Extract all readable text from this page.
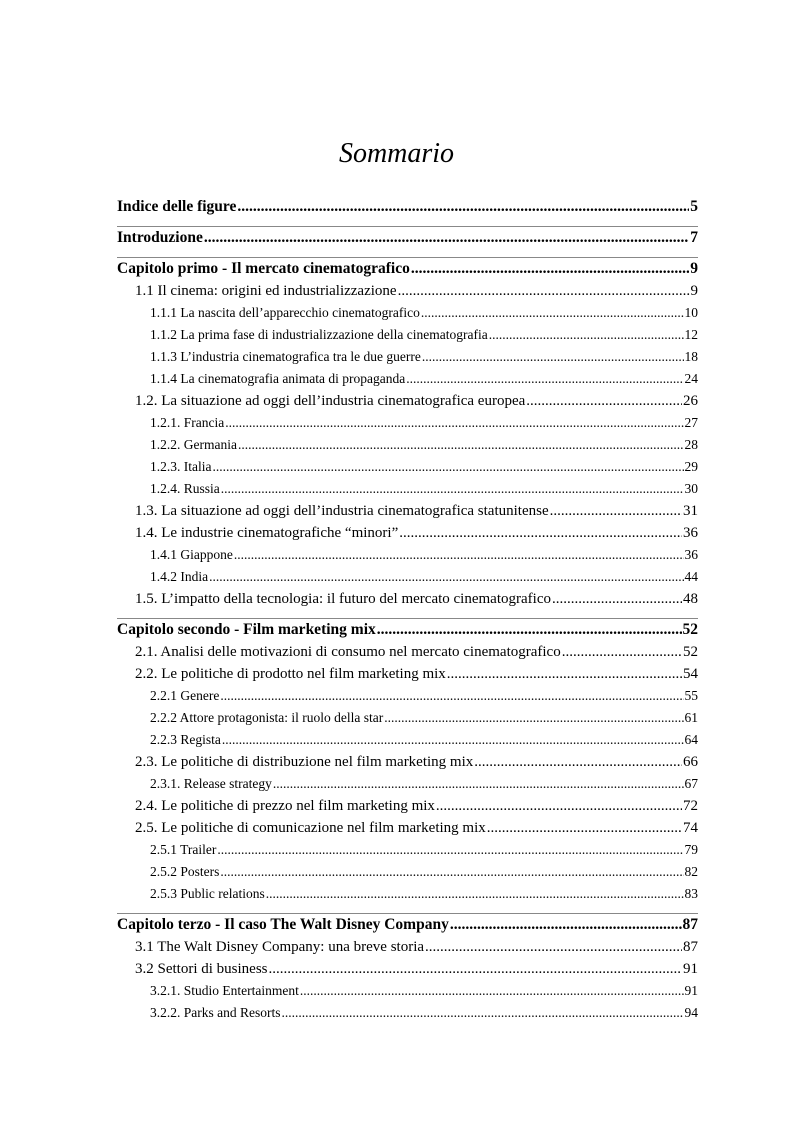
Sommario
Indice delle figure .....	5
Introduzione .....	7
Capitolo primo - Il mercato cinematografico .....	9
1.1 Il cinema: origini ed industrializzazione .....	9
1.1.1 La nascita dell’apparecchio cinematografico .....	10
1.1.2 La prima fase di industrializzazione della cinematografia .....	12
1.1.3 L’industria cinematografica tra le due guerre .....	18
1.1.4 La cinematografia animata di propaganda .....	24
1.2. La situazione ad oggi dell’industria cinematografica europea .....	26
1.2.1. Francia .....	27
1.2.2. Germania .....	28
1.2.3. Italia .....	29
1.2.4. Russia .....	30
1.3. La situazione ad oggi dell’industria cinematografica statunitense .....	31
1.4. Le industrie cinematografiche “minori” .....	36
1.4.1 Giappone .....	36
1.4.2 India .....	44
1.5. L’impatto della tecnologia: il futuro del mercato cinematografico .....	48
Capitolo secondo - Film marketing mix .....	52
2.1. Analisi delle motivazioni di consumo nel mercato cinematografico .....	52
2.2. Le politiche di prodotto nel film marketing mix .....	54
2.2.1 Genere .....	55
2.2.2 Attore protagonista: il ruolo della star .....	61
2.2.3 Regista .....	64
2.3. Le politiche di distribuzione nel film marketing mix .....	66
2.3.1. Release strategy .....	67
2.4. Le politiche di prezzo nel film marketing mix .....	72
2.5. Le politiche di comunicazione nel film marketing mix .....	74
2.5.1 Trailer .....	79
2.5.2 Posters .....	82
2.5.3 Public relations .....	83
Capitolo terzo - Il caso The Walt Disney Company .....	87
3.1 The Walt Disney Company: una breve storia .....	87
3.2 Settori di business .....	91
3.2.1. Studio Entertainment .....	91
3.2.2. Parks and Resorts .....	94
